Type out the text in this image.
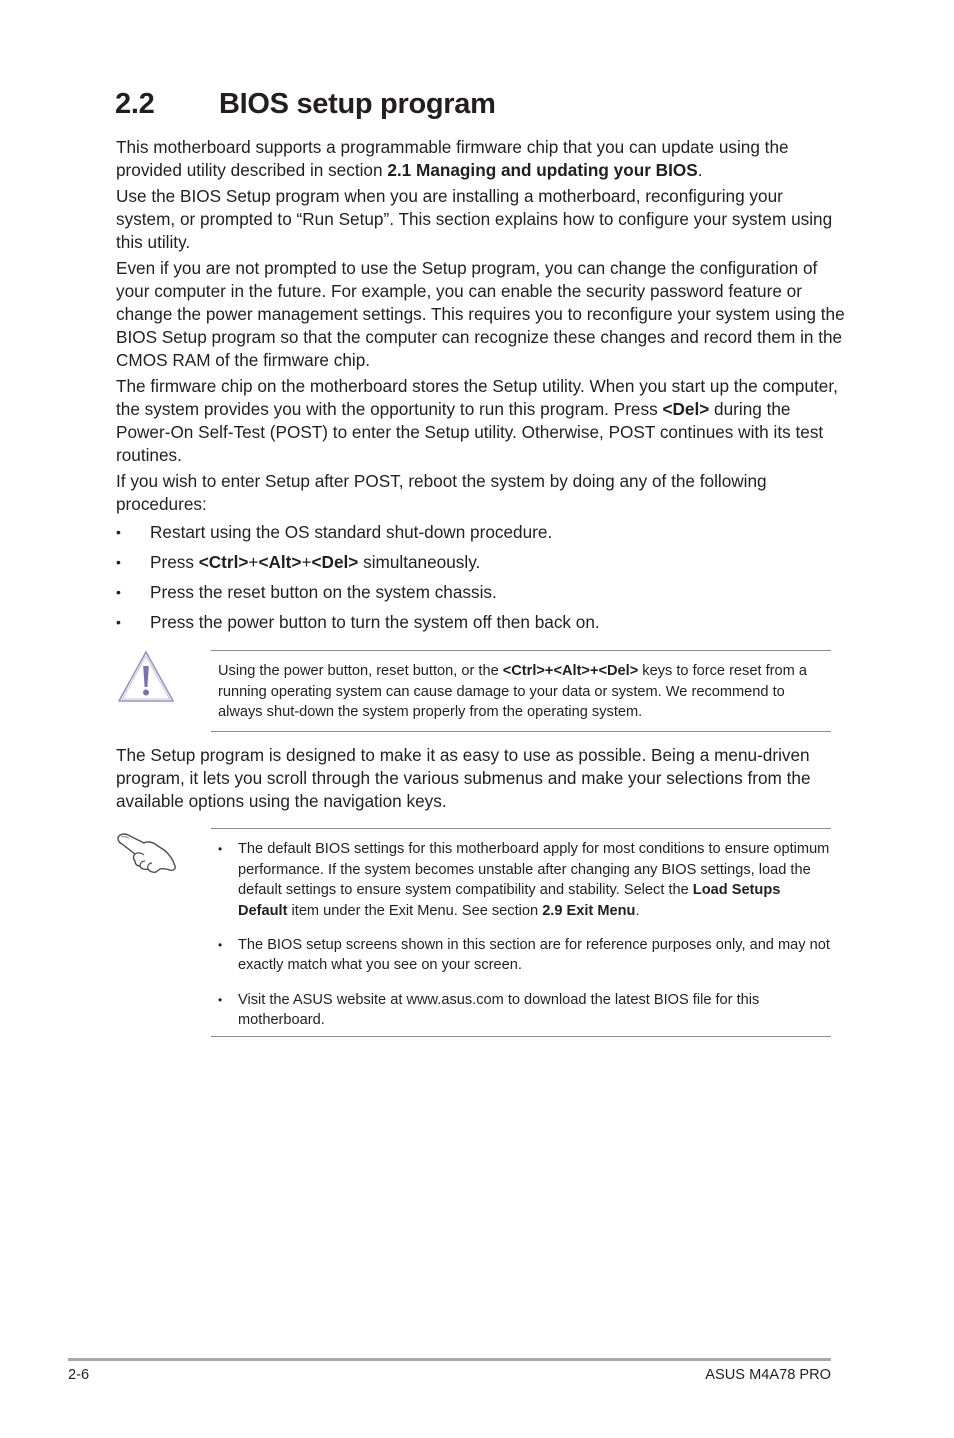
2.2 BIOS setup program

This motherboard supports a programmable firmware chip that you can update using the provided utility described in section 2.1 Managing and updating your BIOS.

Use the BIOS Setup program when you are installing a motherboard, reconfiguring your system, or prompted to “Run Setup”. This section explains how to configure your system using this utility.

Even if you are not prompted to use the Setup program, you can change the configuration of your computer in the future. For example, you can enable the security password feature or change the power management settings. This requires you to reconfigure your system using the BIOS Setup program so that the computer can recognize these changes and record them in the CMOS RAM of the firmware chip.

The firmware chip on the motherboard stores the Setup utility. When you start up the computer, the system provides you with the opportunity to run this program. Press <Del> during the Power-On Self-Test (POST) to enter the Setup utility. Otherwise, POST continues with its test routines.

If you wish to enter Setup after POST, reboot the system by doing any of the following procedures:

• Restart using the OS standard shut-down procedure.
• Press <Ctrl>+<Alt>+<Del> simultaneously.
• Press the reset button on the system chassis.
• Press the power button to turn the system off then back on.
Using the power button, reset button, or the <Ctrl>+<Alt>+<Del> keys to force reset from a running operating system can cause damage to your data or system. We recommend to always shut-down the system properly from the operating system.

The Setup program is designed to make it as easy to use as possible. Being a menu-driven program, it lets you scroll through the various submenus and make your selections from the available options using the navigation keys.

• The default BIOS settings for this motherboard apply for most conditions to ensure optimum performance. If the system becomes unstable after changing any BIOS settings, load the default settings to ensure system compatibility and stability. Select the Load Setups Default item under the Exit Menu. See section 2.9 Exit Menu.
• The BIOS setup screens shown in this section are for reference purposes only, and may not exactly match what you see on your screen.
• Visit the ASUS website at www.asus.com to download the latest BIOS file for this motherboard.
2-6	ASUS M4A78 PRO
